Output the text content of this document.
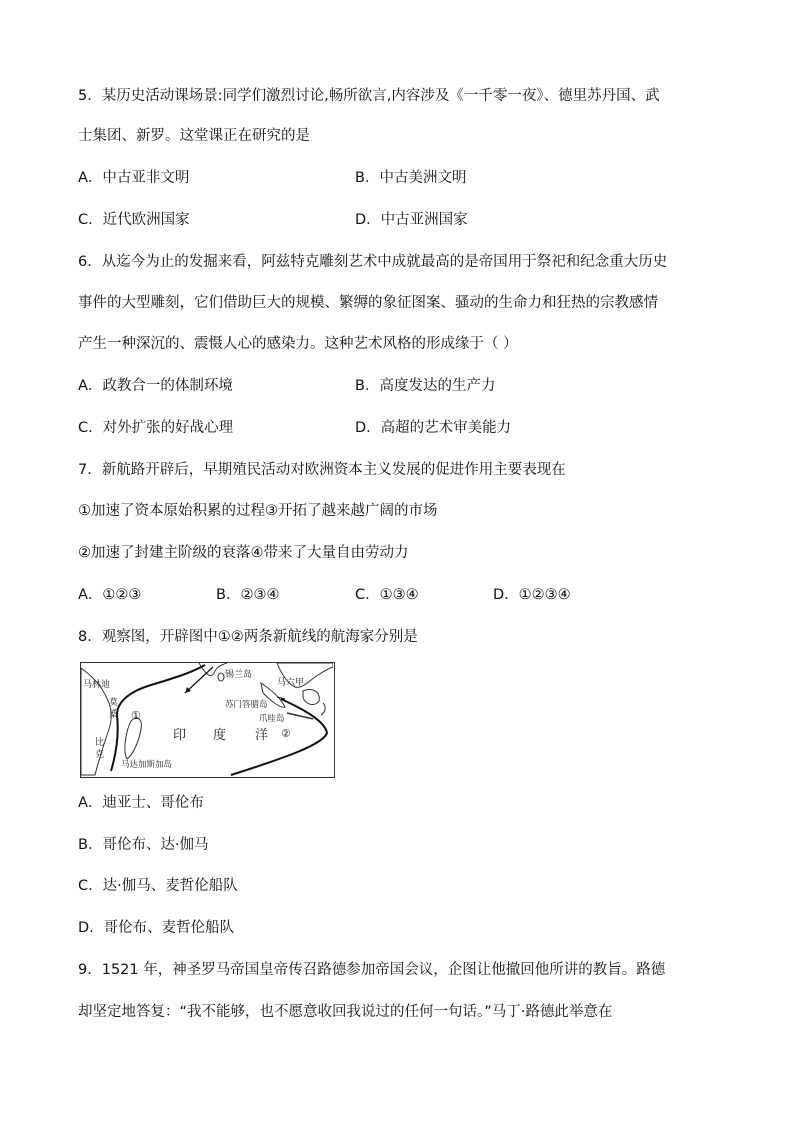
5．某历史活动课场景:同学们激烈讨论,畅所欲言,内容涉及《一千零一夜》、德里苏丹国、武
士集团、新罗。这堂课正在研究的是
A．中古亚非文明	B．中古美洲文明
C．近代欧洲国家	D．中古亚洲国家
6．从迄今为止的发掘来看，阿兹特克雕刻艺术中成就最高的是帝国用于祭祀和纪念重大历史
事件的大型雕刻，它们借助巨大的规模、繁缛的象征图案、骚动的生命力和狂热的宗教感情
产生一种深沉的、震慑人心的感染力。这种艺术风格的形成缘于（ ）
A．政教合一的体制环境	B．高度发达的生产力
C．对外扩张的好战心理	D．高超的艺术审美能力
7．新航路开辟后，早期殖民活动对欧洲资本主义发展的促进作用主要表现在
①加速了资本原始积累的过程③开拓了越来越广阔的市场
②加速了封建主阶级的衰落④带来了大量自由劳动力
A．①②③	B．②③④	C．①③④	D．①②③④
8．观察图，开辟图中①②两条新航线的航海家分别是
马林迪
莫
桑
比
克
马达加斯加岛
锡兰岛
马六甲
苏门答腊岛
爪哇岛
印 度 洋
①
②
A．迪亚士、哥伦布
B．哥伦布、达·伽马
C．达·伽马、麦哲伦船队
D．哥伦布、麦哲伦船队
9．1521 年，神圣罗马帝国皇帝传召路德参加帝国会议，企图让他撤回他所讲的教旨。路德
却坚定地答复：“我不能够，也不愿意收回我说过的任何一句话。”马丁·路德此举意在
